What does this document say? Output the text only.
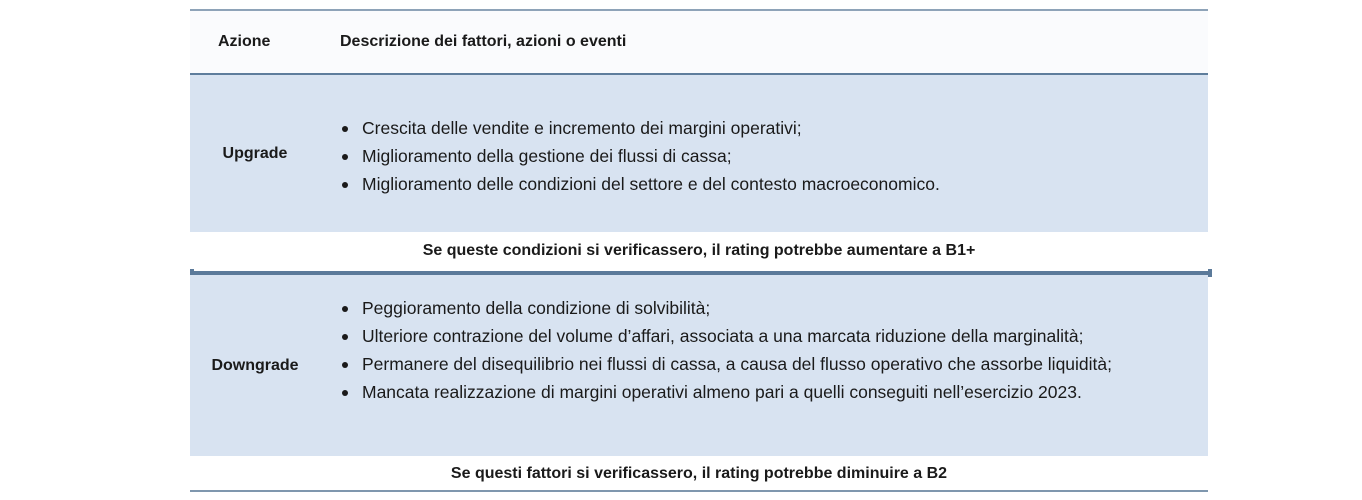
Azione	Descrizione dei fattori, azioni o eventi
Upgrade
Crescita delle vendite e incremento dei margini operativi;
Miglioramento della gestione dei flussi di cassa;
Miglioramento delle condizioni del settore e del contesto macroeconomico.
Se queste condizioni si verificassero, il rating potrebbe aumentare a B1+
Downgrade
Peggioramento della condizione di solvibilità;
Ulteriore contrazione del volume d’affari, associata a una marcata riduzione della marginalità;
Permanere del disequilibrio nei flussi di cassa, a causa del flusso operativo che assorbe liquidità;
Mancata realizzazione di margini operativi almeno pari a quelli conseguiti nell’esercizio 2023.
Se questi fattori si verificassero, il rating potrebbe diminuire a B2
